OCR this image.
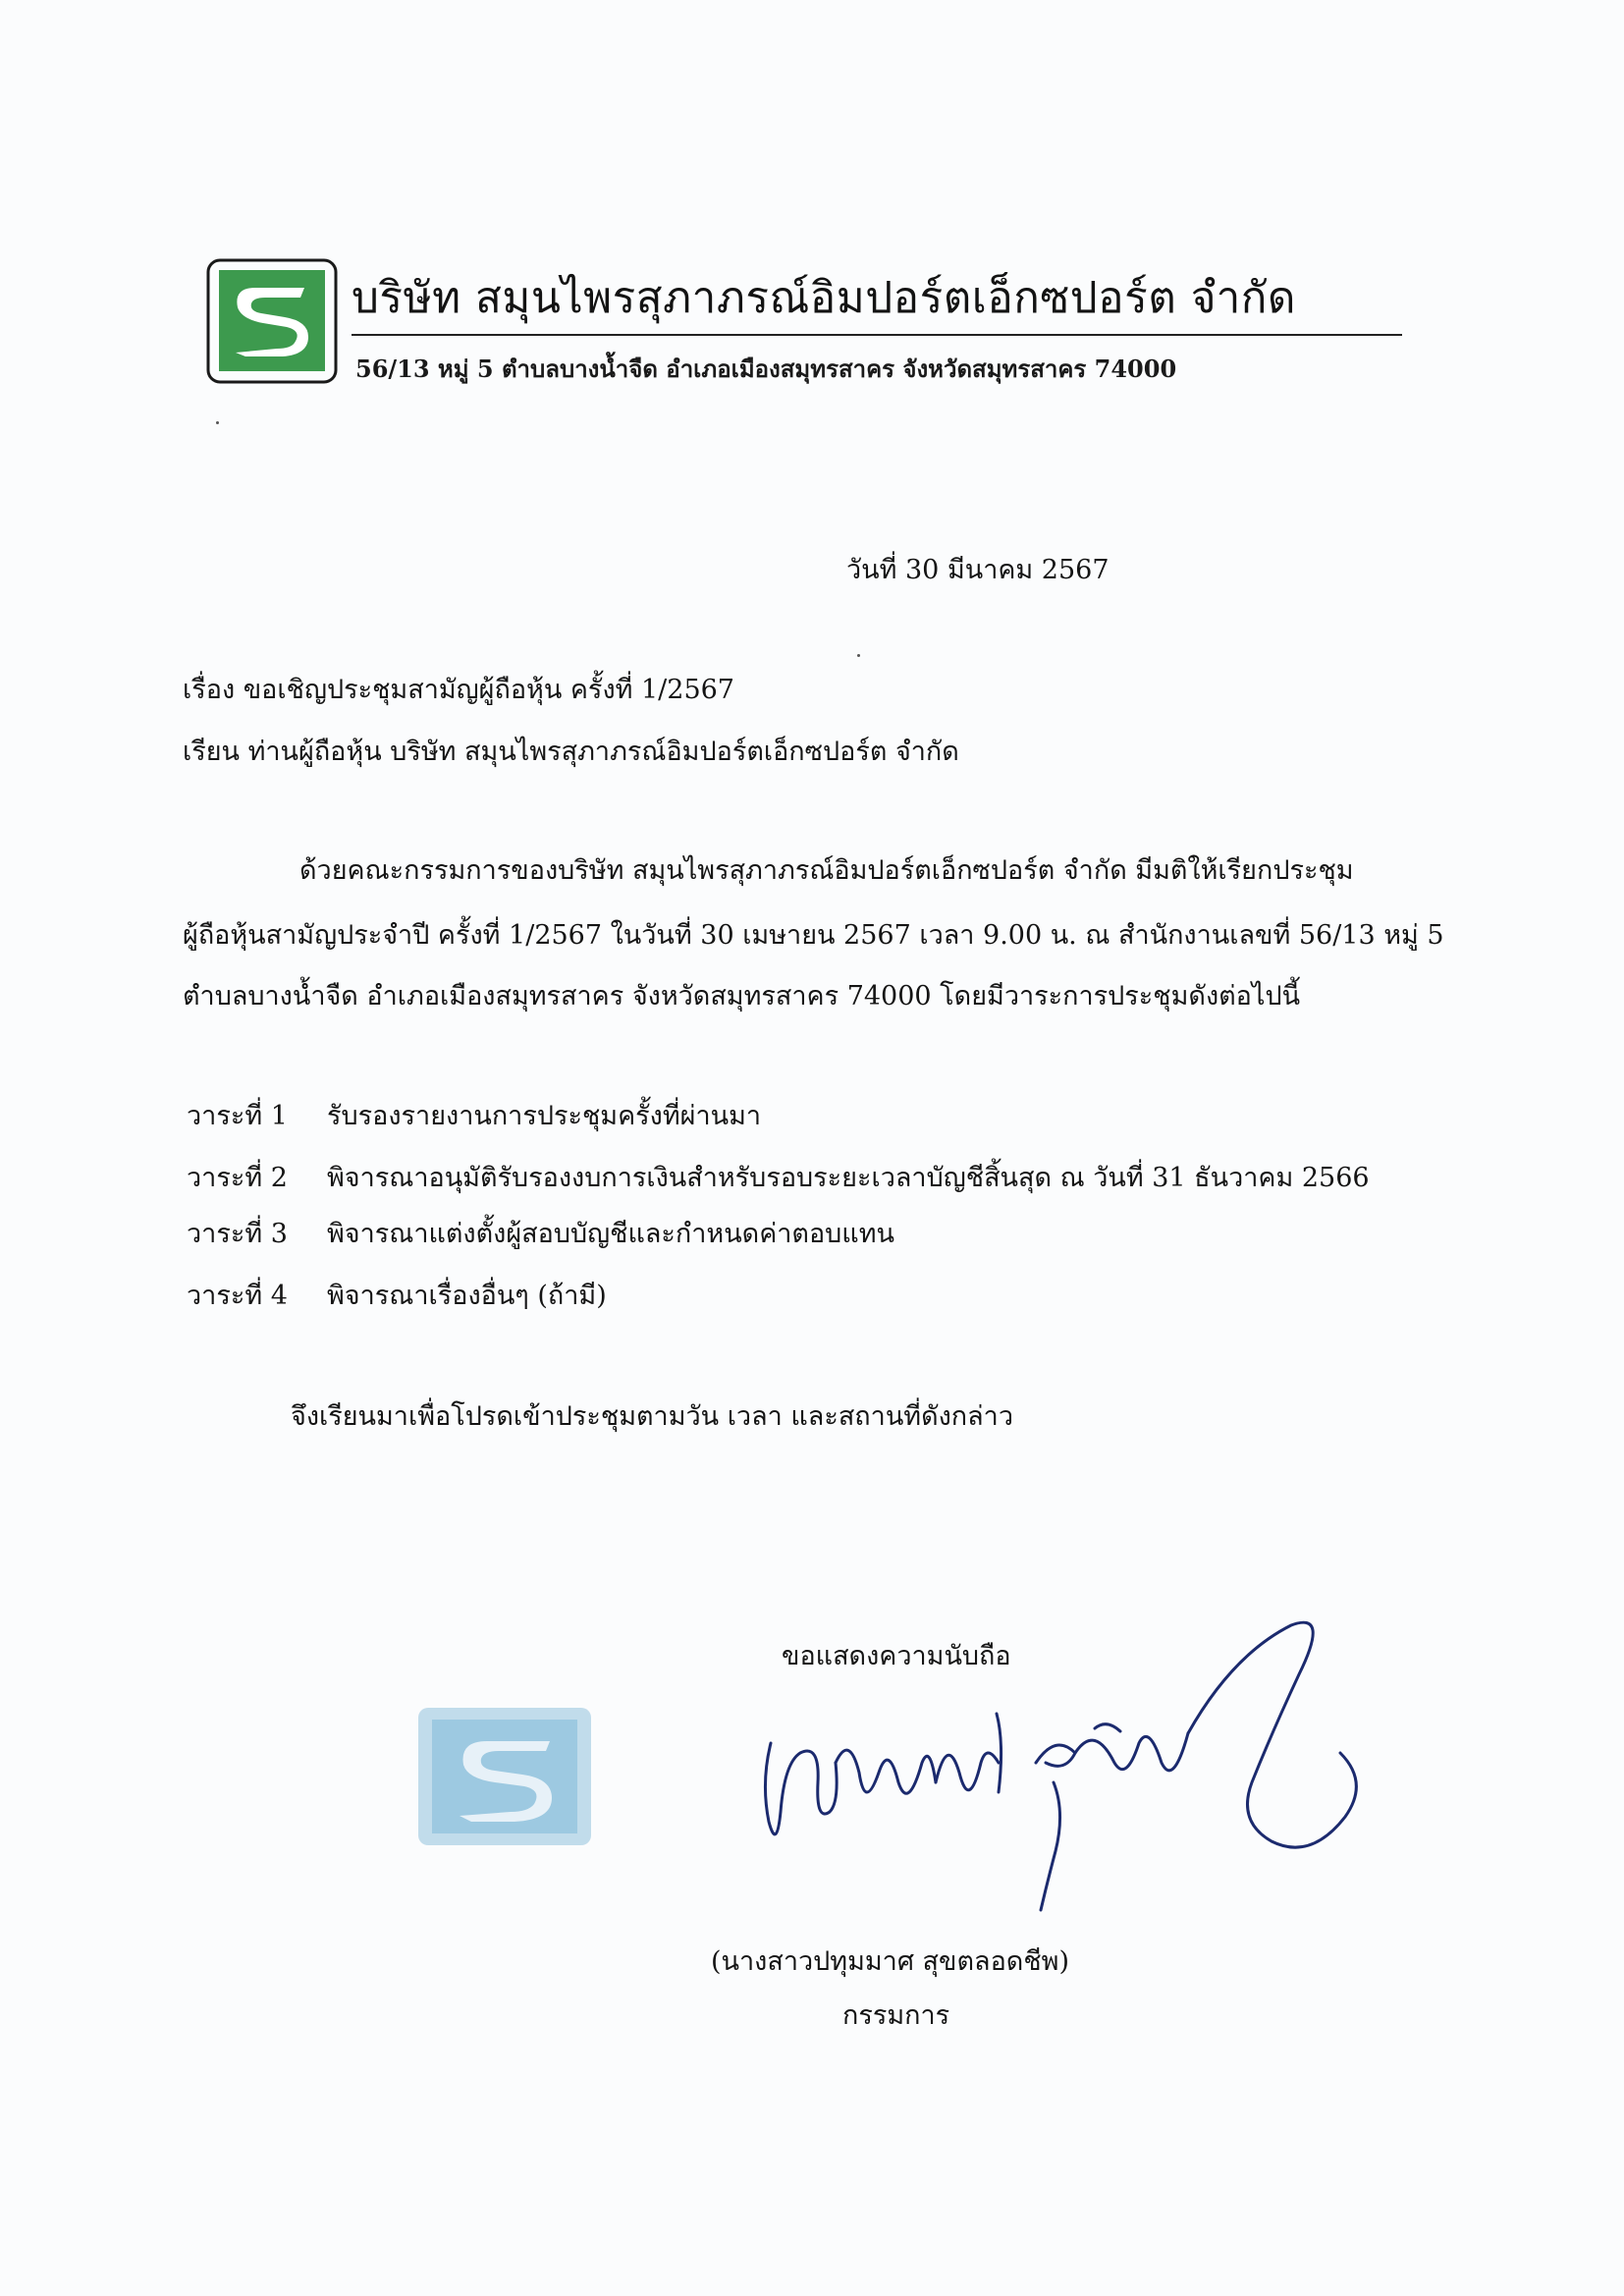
บริษัท สมุนไพรสุภาภรณ์อิมปอร์ตเอ็กซปอร์ต จำกัด
56/13 หมู่ 5 ตำบลบางน้ำจืด อำเภอเมืองสมุทรสาคร จังหวัดสมุทรสาคร 74000
วันที่ 30 มีนาคม 2567
เรื่อง ขอเชิญประชุมสามัญผู้ถือหุ้น ครั้งที่ 1/2567
เรียน ท่านผู้ถือหุ้น บริษัท สมุนไพรสุภาภรณ์อิมปอร์ตเอ็กซปอร์ต จำกัด
ด้วยคณะกรรมการของบริษัท สมุนไพรสุภาภรณ์อิมปอร์ตเอ็กซปอร์ต จำกัด มีมติให้เรียกประชุม
ผู้ถือหุ้นสามัญประจำปี ครั้งที่ 1/2567 ในวันที่ 30 เมษายน 2567 เวลา 9.00 น. ณ สำนักงานเลขที่ 56/13 หมู่ 5
ตำบลบางน้ำจืด อำเภอเมืองสมุทรสาคร จังหวัดสมุทรสาคร 74000 โดยมีวาระการประชุมดังต่อไปนี้
วาระที่ 1 รับรองรายงานการประชุมครั้งที่ผ่านมา
วาระที่ 2 พิจารณาอนุมัติรับรองงบการเงินสำหรับรอบระยะเวลาบัญชีสิ้นสุด ณ วันที่ 31 ธันวาคม 2566
วาระที่ 3 พิจารณาแต่งตั้งผู้สอบบัญชีและกำหนดค่าตอบแทน
วาระที่ 4 พิจารณาเรื่องอื่นๆ (ถ้ามี)
จึงเรียนมาเพื่อโปรดเข้าประชุมตามวัน เวลา และสถานที่ดังกล่าว
ขอแสดงความนับถือ
(นางสาวปทุมมาศ สุขตลอดชีพ)
กรรมการ
